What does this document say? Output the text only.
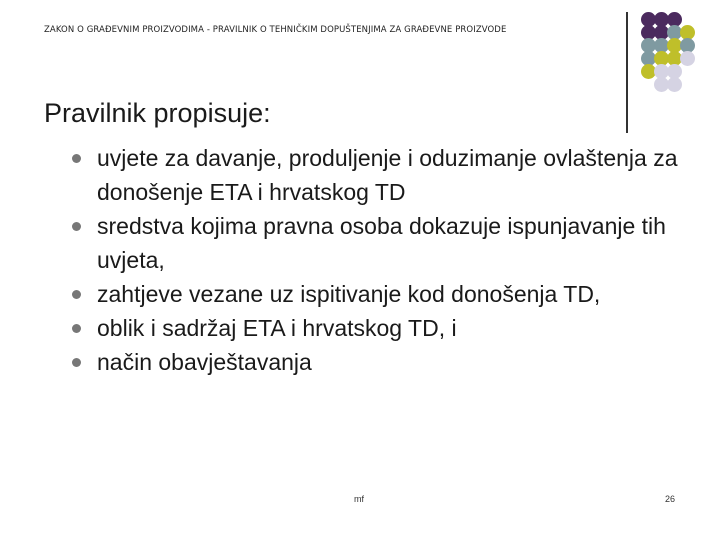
ZAKON O GRAĐEVNIM PROIZVODIMA - PRAVILNIK O TEHNIČKIM DOPUŠTENJIMA ZA GRAĐEVNE PROIZVODE
Pravilnik propisuje:
uvjete za davanje, produljenje i oduzimanje ovlaštenja za donošenje ETA i hrvatskog TD
sredstva kojima pravna osoba dokazuje ispunjavanje tih uvjeta,
zahtjeve vezane uz ispitivanje kod donošenja TD,
oblik i sadržaj ETA i hrvatskog TD, i
način obavještavanja
mf	26
